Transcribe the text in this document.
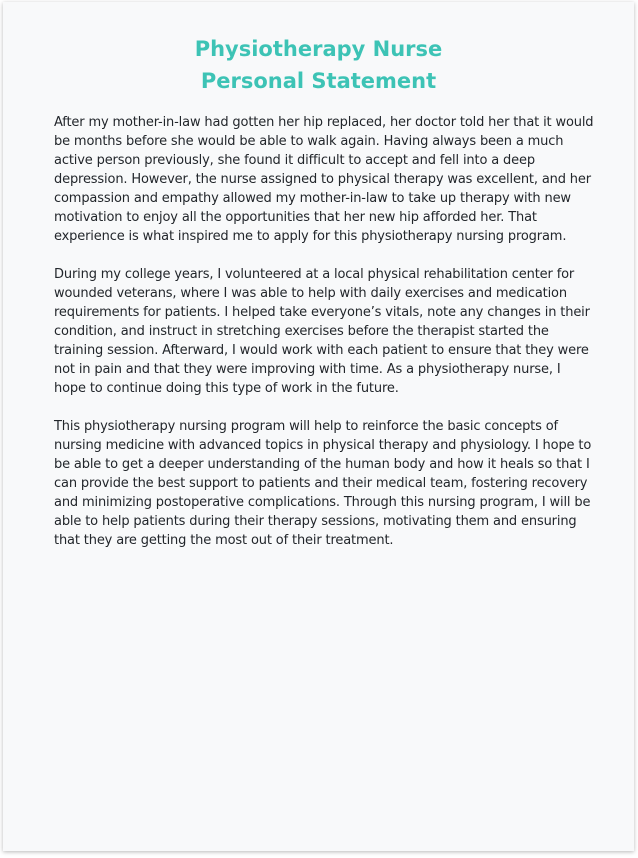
Physiotherapy Nurse
Personal Statement

After my mother-in-law had gotten her hip replaced, her doctor told her that it would be months before she would be able to walk again. Having always been a much active person previously, she found it difficult to accept and fell into a deep depression. However, the nurse assigned to physical therapy was excellent, and her compassion and empathy allowed my mother-in-law to take up therapy with new motivation to enjoy all the opportunities that her new hip afforded her. That experience is what inspired me to apply for this physiotherapy nursing program.

During my college years, I volunteered at a local physical rehabilitation center for wounded veterans, where I was able to help with daily exercises and medication requirements for patients. I helped take everyone’s vitals, note any changes in their condition, and instruct in stretching exercises before the therapist started the training session. Afterward, I would work with each patient to ensure that they were not in pain and that they were improving with time. As a physiotherapy nurse, I hope to continue doing this type of work in the future.

This physiotherapy nursing program will help to reinforce the basic concepts of nursing medicine with advanced topics in physical therapy and physiology. I hope to be able to get a deeper understanding of the human body and how it heals so that I can provide the best support to patients and their medical team, fostering recovery and minimizing postoperative complications. Through this nursing program, I will be able to help patients during their therapy sessions, motivating them and ensuring that they are getting the most out of their treatment.
